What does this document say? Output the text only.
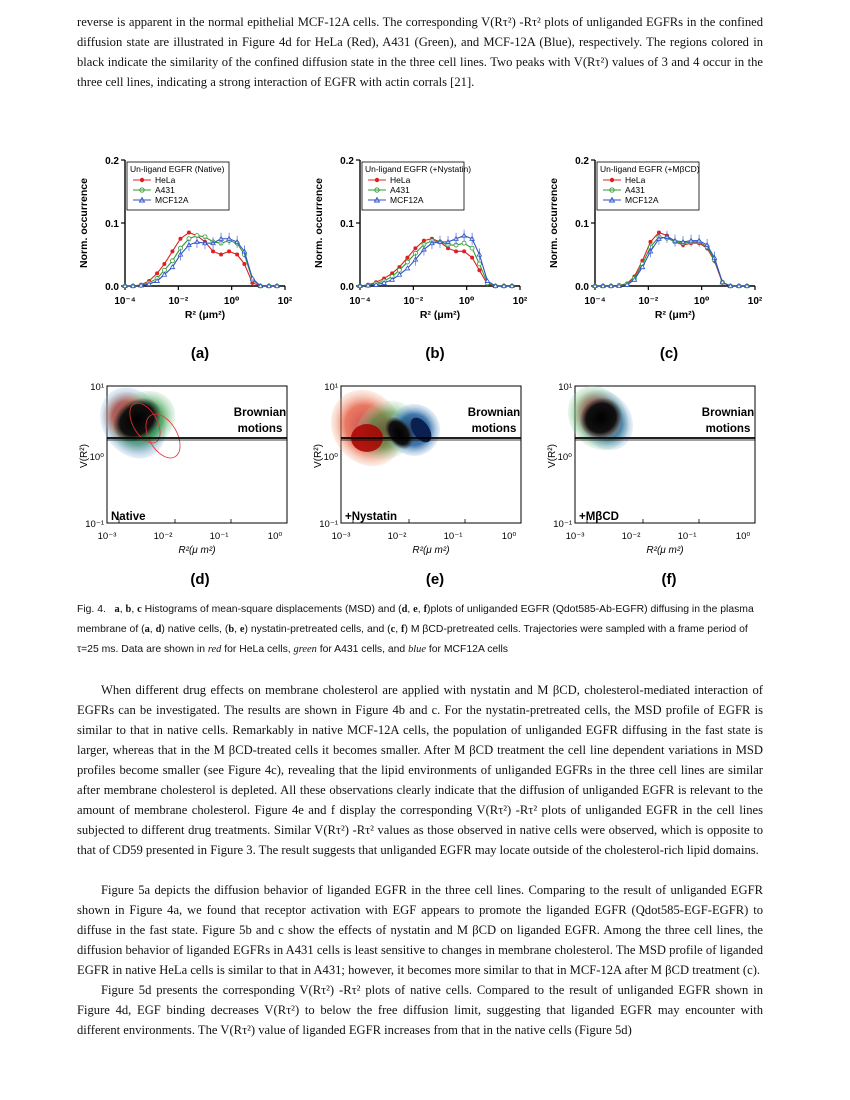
reverse is apparent in the normal epithelial MCF-12A cells. The corresponding V(Rτ²) -Rτ² plots of unliganded EGFRs in the confined diffusion state are illustrated in Figure 4d for HeLa (Red), A431 (Green), and MCF-12A (Blue), respectively. The regions colored in black indicate the similarity of the confined diffusion state in the three cell lines. Two peaks with V(Rτ²) values of 3 and 4 occur in the three cell lines, indicating a strong interaction of EGFR with actin corrals [21].

0.0
0.1
0.2
10⁻⁴	10⁻²	10⁰	10²
Norm. occurrence
R² (μm²)
Un-ligand EGFR (Native)
HeLa
A431
MCF12A
0.0
0.1
0.2
10⁻⁴	10⁻²	10⁰	10²
Norm. occurrence
R² (μm²)
Un-ligand EGFR (+Nystatin)
HeLa
A431
MCF12A
0.0
0.1
0.2
10⁻⁴	10⁻²	10⁰	10²
Norm. occurrence
R² (μm²)
Un-ligand EGFR (+MβCD)
HeLa
A431
MCF12A
(a)	(b)	(c)
Brownian
motions
Native
Brownian
motions
+Nystatin
Brownian
motions
+MβCD
V(R²)
10¹
10⁰
10⁻¹
10⁻³	10⁻²	10⁻¹	10⁰
R²(μ m²)
V(R²)
10¹
10⁰
10⁻¹
10⁻³	10⁻²	10⁻¹	10⁰
R²(μ m²)
V(R²)
10¹
10⁰
10⁻¹
10⁻³	10⁻²	10⁻¹	10⁰
R²(μ m²)
(d)	(e)	(f)

Fig. 4. a, b, c Histograms of mean-square displacements (MSD) and (d, e, f)plots of unliganded EGFR (Qdot585-Ab-EGFR) diffusing in the plasma membrane of (a, d) native cells, (b, e) nystatin-pretreated cells, and (c, f) M βCD-pretreated cells. Trajectories were sampled with a frame period of τ=25 ms. Data are shown in red for HeLa cells, green for A431 cells, and blue for MCF12A cells

When different drug effects on membrane cholesterol are applied with nystatin and M βCD, cholesterol-mediated interaction of EGFRs can be investigated. The results are shown in Figure 4b and c. For the nystatin-pretreated cells, the MSD profile of EGFR is similar to that in native cells. Remarkably in native MCF-12A cells, the population of unliganded EGFR diffusing in the fast state is larger, whereas that in the M βCD-treated cells it becomes smaller. After M βCD treatment the cell line dependent variations in MSD profiles become smaller (see Figure 4c), revealing that the lipid environments of unliganded EGFRs in the three cell lines are similar after membrane cholesterol is depleted. All these observations clearly indicate that the diffusion of unliganded EGFR is relevant to the amount of membrane cholesterol. Figure 4e and f display the corresponding V(Rτ²) -Rτ² plots of unliganded EGFR in the cell lines subjected to different drug treatments. Similar V(Rτ²) -Rτ² values as those observed in native cells were observed, which is opposite to that of CD59 presented in Figure 3. The result suggests that unliganded EGFR may locate outside of the cholesterol-rich lipid domains.

Figure 5a depicts the diffusion behavior of liganded EGFR in the three cell lines. Comparing to the result of unliganded EGFR shown in Figure 4a, we found that receptor activation with EGF appears to promote the liganded EGFR (Qdot585-EGF-EGFR) to diffuse in the fast state. Figure 5b and c show the effects of nystatin and M βCD on liganded EGFR. Among the three cell lines, the diffusion behavior of liganded EGFRs in A431 cells is least sensitive to changes in membrane cholesterol. The MSD profile of liganded EGFR in native HeLa cells is similar to that in A431; however, it becomes more similar to that in MCF-12A after M βCD treatment (c).

Figure 5d presents the corresponding V(Rτ²) -Rτ² plots of native cells. Compared to the result of unliganded EGFR shown in Figure 4d, EGF binding decreases V(Rτ²) to below the free diffusion limit, suggesting that liganded EGFR may encounter with different environments. The V(Rτ²) value of liganded EGFR increases from that in the native cells (Figure 5d)
